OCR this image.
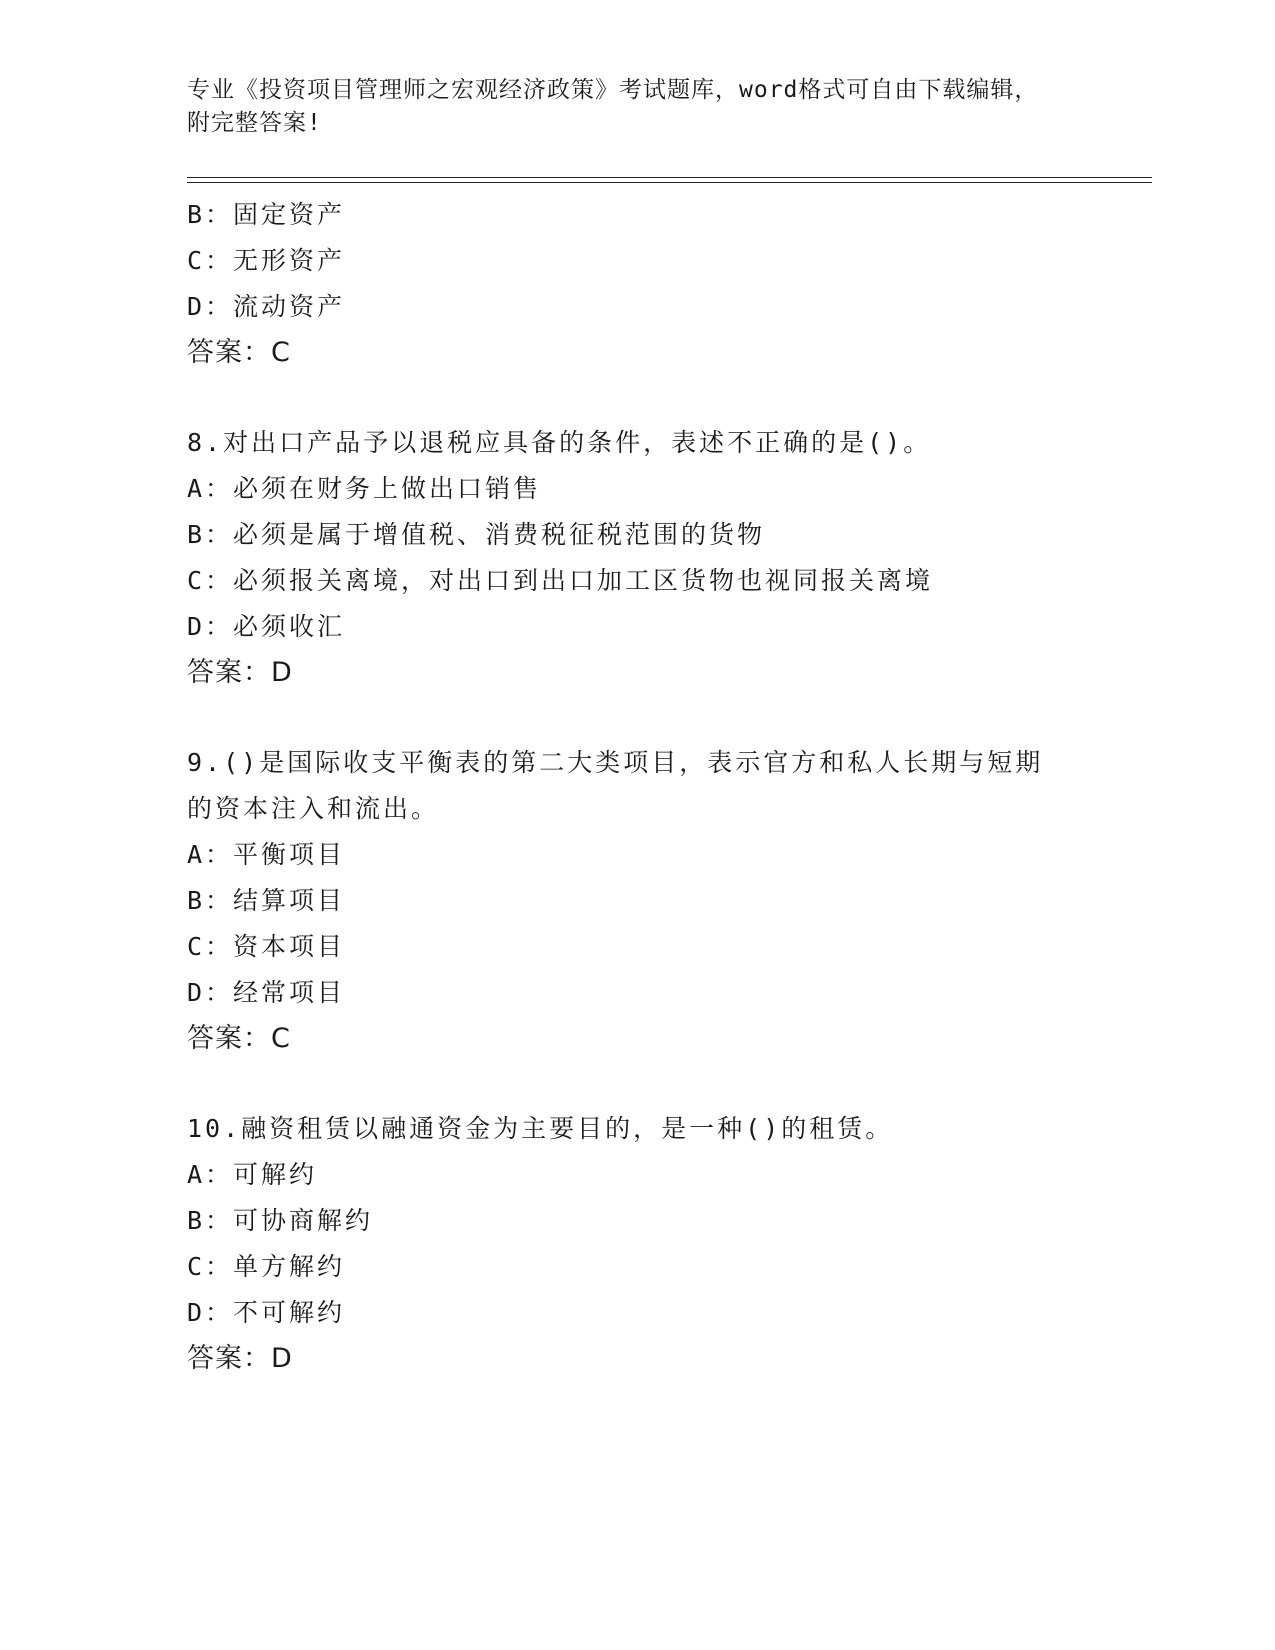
专业《投资项目管理师之宏观经济政策》考试题库，word格式可自由下载编辑，
附完整答案!
B：固定资产
C：无形资产
D：流动资产
答案：C
8.对出口产品予以退税应具备的条件，表述不正确的是()。
A：必须在财务上做出口销售
B：必须是属于增值税、消费税征税范围的货物
C：必须报关离境，对出口到出口加工区货物也视同报关离境
D：必须收汇
答案：D
9.()是国际收支平衡表的第二大类项目，表示官方和私人长期与短期
的资本注入和流出。
A：平衡项目
B：结算项目
C：资本项目
D：经常项目
答案：C
10.融资租赁以融通资金为主要目的，是一种()的租赁。
A：可解约
B：可协商解约
C：单方解约
D：不可解约
答案：D
